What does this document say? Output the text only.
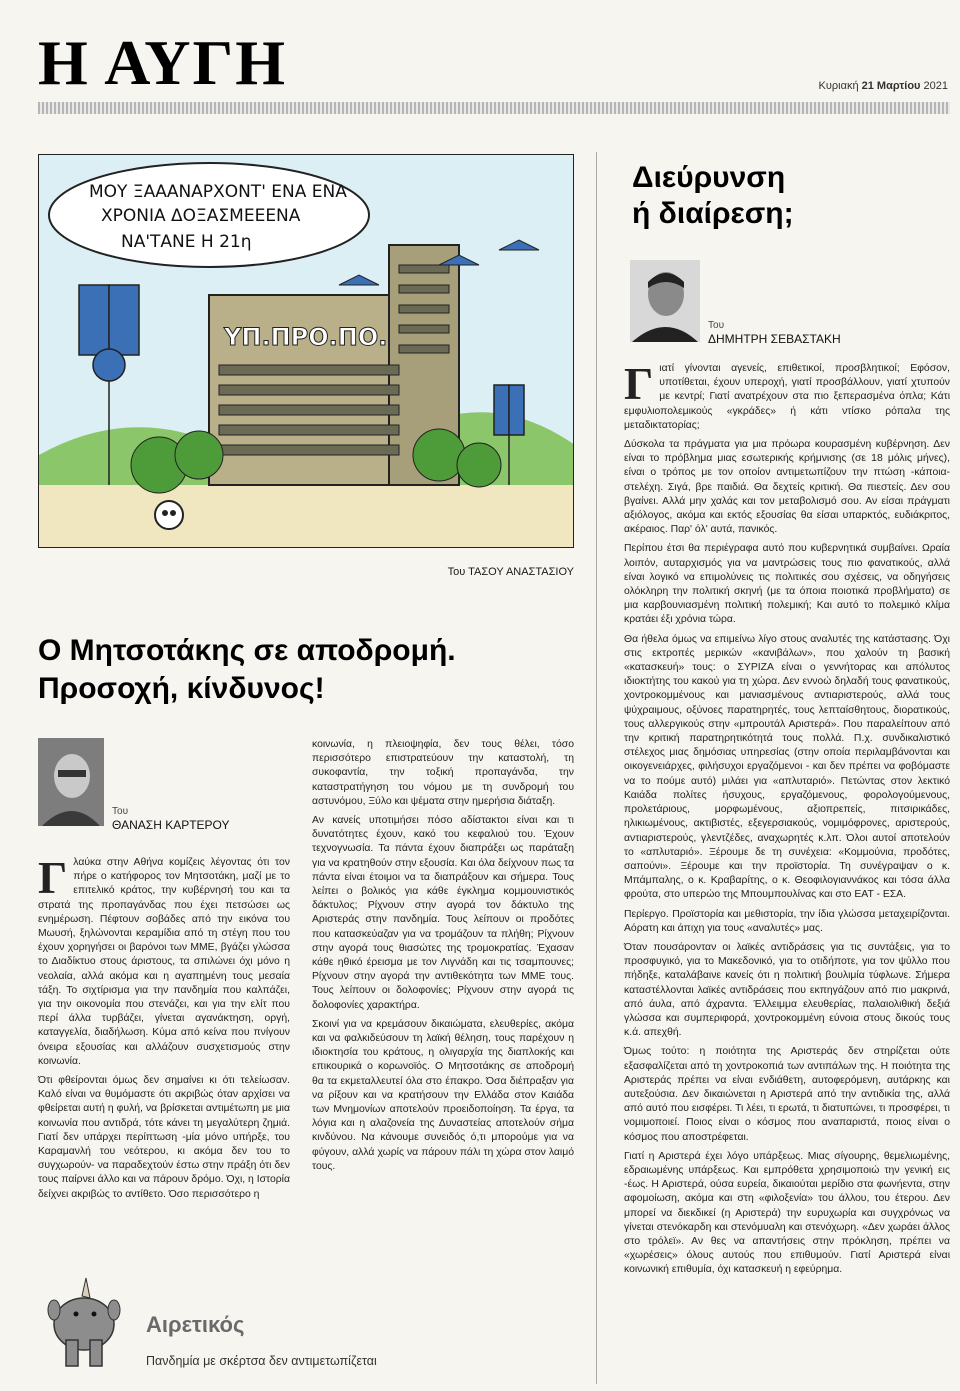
Η ΑΥΓΗ	Κυριακή 21 Μαρτίου 2021
ΥΠ.ΠΡΟ.ΠΟ.
ΜΟΥ ΞΑΑΑΝΑΡΧΟΝΤ' ΕΝΑ ΕΝΑ
ΧΡΟΝΙΑ ΔΟΞΑΣΜΕΕΕΝΑ
ΝΑ'ΤΑΝΕ Η 21η
Του ΤΑΣΟΥ ΑΝΑΣΤΑΣΙΟΥ
Ο Μητσοτάκης σε αποδρομή.
Προσοχή, κίνδυνος!
Του
ΘΑΝΑΣΗ ΚΑΡΤΕΡΟΥ

Γλαύκα στην Αθήνα κομίζεις λέγοντας ότι τον πήρε ο κατήφορος τον Μητσοτάκη, μαζί με το επιτελικό κράτος, την κυβέρνησή του και τα στρατά της προπαγάνδας που έχει πετσώσει ως ενημέρωση. Πέφτουν σοβάδες από την εικόνα του Μωυσή, ξηλώνονται κεραμίδια από τη στέγη που του έχουν χορηγήσει οι βαρόνοι των ΜΜΕ, βγάζει γλώσσα το Διαδίκτυο στους άριστους, τα σπιλώνει όχι μόνο η νεολαία, αλλά ακόμα και η αγαπημένη τους μεσαία τάξη. Το σιχτίρισμα για την πανδημία που καλπάζει, για την οικονομία που στενάζει, και για την ελίτ που περί άλλα τυρβάζει, γίνεται αγανάκτηση, οργή, καταγγελία, διαδήλωση. Κύμα από κείνα που πνίγουν όνειρα εξουσίας και αλλάζουν συσχετισμούς στην κοινωνία.

Ότι φθείρονται όμως δεν σημαίνει κι ότι τελείωσαν. Καλό είναι να θυμόμαστε ότι ακριβώς όταν αρχίσει να φθείρεται αυτή η φυλή, να βρίσκεται αντιμέτωπη με μια κοινωνία που αντιδρά, τότε κάνει τη μεγαλύτερη ζημιά. Γιατί δεν υπάρχει περίπτωση -μία μόνο υπήρξε, του Καραμανλή του νεότερου, κι ακόμα δεν του το συγχωρούν- να παραδεχτούν έστω στην πράξη ότι δεν τους παίρνει άλλο και να πάρουν δρόμο. Όχι, η Ιστορία δείχνει ακριβώς το αντίθετο. Όσο περισσότερο η

κοινωνία, η πλειοψηφία, δεν τους θέλει, τόσο περισσότερο επιστρατεύουν την καταστολή, τη συκοφαντία, την τοξική προπαγάνδα, την καταστρατήγηση του νόμου με τη συνδρομή του αστυνόμου, Ξύλο και ψέματα στην ημερήσια διάταξη.

Αν κανείς υποτιμήσει πόσο αδίστακτοι είναι και τι δυνατότητες έχουν, κακό του κεφαλιού του. Έχουν τεχνογνωσία. Τα πάντα έχουν διαπράξει ως παράταξη για να κρατηθούν στην εξουσία. Και όλα δείχνουν πως τα πάντα είναι έτοιμοι να τα διαπράξουν και σήμερα. Τους λείπει ο βολικός για κάθε έγκλημα κομμουνιστικός δάκτυλος; Ρίχνουν στην αγορά τον δάκτυλο της Αριστεράς στην πανδημία. Τους λείπουν οι προδότες που κατασκεύαζαν για να τρομάζουν τα πλήθη; Ρίχνουν στην αγορά τους θιασώτες της τρομοκρατίας. Έχασαν κάθε ηθικό έρεισμα με τον Λιγνάδη και τις τσαμπουνες; Ρίχνουν στην αγορά την αντιθεκότητα των ΜΜΕ τους. Τους λείπουν οι δολοφονίες; Ρίχνουν στην αγορά τις δολοφονίες χαρακτήρα.

Σκοινί για να κρεμάσουν δικαιώματα, ελευθερίες, ακόμα και να φαλκιδεύσουν τη λαϊκή θέληση, τους παρέχουν η ιδιοκτησία του κράτους, η ολιγαρχία της διαπλοκής και επικουρικά ο κορωνοϊός. Ο Μητσοτάκης σε αποδρομή θα τα εκμεταλλευτεί όλα στο έπακρο. Όσα διέπραξαν για να ρίξουν και να κρατήσουν την Ελλάδα στον Καιάδα των Μνημονίων αποτελούν προειδοποίηση. Τα έργα, τα λόγια και η αλαζονεία της Δυναστείας αποτελούν σήμα κινδύνου. Να κάνουμε συνειδός ό,τι μπορούμε για να φύγουν, αλλά χωρίς να πάρουν πάλι τη χώρα στον λαιμό τους.

Διεύρυνση
ή διαίρεση;
Του
ΔΗΜΗΤΡΗ ΣΕΒΑΣΤΑΚΗ

Γιατί γίνονται αγενείς, επιθετικοί, προσβλητικοί; Εφόσον, υποτίθεται, έχουν υπεροχή, γιατί προσβάλλουν, γιατί χτυπούν με κεντρί; Γιατί ανατρέχουν στα πιο ξεπερασμένα όπλα; Κάτι εμφυλιοπολεμικούς «γκράδες» ή κάτι ντίσκο ρόπαλα της μεταδικτατορίας;

Δύσκολα τα πράγματα για μια πρόωρα κουρασμένη κυβέρνηση. Δεν είναι το πρόβλημα μιας εσωτερικής κρήμνισης (σε 18 μόλις μήνες), είναι ο τρόπος με τον οποίον αντιμετωπίζουν την πτώση -κάποια- στελέχη. Σιγά, βρε παιδιά. Θα δεχτείς κριτική. Θα πιεστείς. Δεν σου βγαίνει. Αλλά μην χαλάς και τον μεταβολισμό σου. Αν είσαι πράγματι αξιόλογος, ακόμα και εκτός εξουσίας θα είσαι υπαρκτός, ευδιάκριτος, ακέραιος. Παρ' όλ' αυτά, πανικός.

Περίπου έτσι θα περιέγραφα αυτό που κυβερνητικά συμβαίνει. Ωραία λοιπόν, αυταρχισμός για να μαντρώσεις τους πιο φανατικούς, αλλά είναι λογικό να επιμολύνεις τις πολιτικές σου σχέσεις, να οδηγήσεις ολόκληρη την πολιτική σκηνή (με τα όποια ποιοτικά προβλήματα) σε μια καρβουνιασμένη πολιτική πολεμική; Και αυτό το πολεμικό κλίμα κρατάει έξι χρόνια τώρα.

Θα ήθελα όμως να επιμείνω λίγο στους αναλυτές της κατάστασης. Όχι στις εκτροπές μερικών «κανιβάλων», που χαλούν τη βασική «κατασκευή» τους: ο ΣΥΡΙΖΑ είναι ο γεννήτορας και απόλυτος ιδιοκτήτης του κακού για τη χώρα. Δεν εννοώ δηλαδή τους φανατικούς, χοντροκομμένους και μανιασμένους αντιαριστερούς, αλλά τους ψύχραιμους, οξύνοες παρατηρητές, τους λεπταίσθητους, διορατικούς, τους αλλεργικούς στην «μπρουτάλ Αριστερά». Που παραλείπουν από την κριτική παρατηρητικότητά τους πολλά. Π.χ. συνδικαλιστικό στέλεχος μιας δημόσιας υπηρεσίας (στην οποία περιλαμβάνονται και οικογενειάρχες, φιλήσυχοι εργαζόμενοι - και δεν πρέπει να φοβόμαστε να το πούμε αυτό) μιλάει για «απλυταριό». Πετώντας στον λεκτικό Καιάδα πολίτες ήσυχους, εργαζόμενους, φορολογούμενους, προλετάριους, μορφωμένους, αξιοπρεπείς, πιτσιρικάδες, ηλικιωμένους, ακτιβιστές, εξεγερσιακούς, νομιμόφρονες, αριστερούς, αντιαριστερούς, γλεντζέδες, αναχωρητές κ.λπ. Όλοι αυτοί αποτελούν το «απλυταριό». Ξέρουμε δε τη συνέχεια: «Κομμούνια, προδότες, σαπούνι». Ξέρουμε και την προϊστορία. Τη συνέγραψαν ο κ. Μπάμπαλης, ο κ. Κραβαρίτης, ο κ. Θεοφιλογιαννάκος και τόσα άλλα φρούτα, στο υπερώο της Μπουμπουλίνας και στο ΕΑΤ - ΕΣΑ.

Περίεργο. Προϊστορία και μεθιστορία, την ίδια γλώσσα μεταχειρίζονται. Αόρατη και άπιχη για τους «αναλυτές» μας.

Όταν πουσάρονταν οι λαϊκές αντιδράσεις για τις συντάξεις, για το προσφυγικό, για το Μακεδονικό, για το οτιδήποτε, για τον ψύλλο που πήδηξε, καταλάβαινε κανείς ότι η πολιτική βουλιμία τύφλωνε. Σήμερα καταστέλλονται λαϊκές αντιδράσεις που εκπηγάζουν από πιο μακρινά, από άυλα, από άχραντα. Έλλειμμα ελευθερίας, παλαιολιθική δεξιά γλώσσα και συμπεριφορά, χοντροκομμένη εύνοια στους δικούς τους κ.ά. απεχθή.

Όμως τούτο: η ποιότητα της Αριστεράς δεν στηρίζεται ούτε εξασφαλίζεται από τη χοντροκοπιά των αντιπάλων της. Η ποιότητα της Αριστεράς πρέπει να είναι ενδιάθετη, αυτοφερόμενη, αυτάρκης και αυτεξούσια. Δεν δικαιώνεται η Αριστερά από την αντιδικία της, αλλά από αυτό που εισφέρει. Τι λέει, τι ερωτά, τι διατυπώνει, τι προσφέρει, τι νομιμοποιεί. Ποιος είναι ο κόσμος που αναπαριστά, ποιος είναι ο κόσμος που αποστρέφεται.

Γιατί η Αριστερά έχει λόγο υπάρξεως. Μιας σίγουρης, θεμελιωμένης, εδραιωμένης υπάρξεως. Και εμπρόθετα χρησιμοποιώ την γενική εις -έως. Η Αριστερά, ούσα ευρεία, δικαιούται μερίδιο στα φωνήεντα, στην αφομοίωση, ακόμα και στη «φιλοξενία» του άλλου, του έτερου. Δεν μπορεί να διεκδικεί (η Αριστερά) την ευρυχωρία και συγχρόνως να γίνεται στενόκαρδη και στενόμυαλη και στενόχωρη. «Δεν χωράει άλλος στο τρόλεϊ». Αν θες να απαντήσεις στην πρόκληση, πρέπει να «χωρέσεις» όλους αυτούς που επιθυμούν. Γιατί Αριστερά είναι κοινωνική επιθυμία, όχι κατασκευή η εφεύρημα.

Αιρετικός
Πανδημία με σκέρτσα δεν αντιμετωπίζεται
